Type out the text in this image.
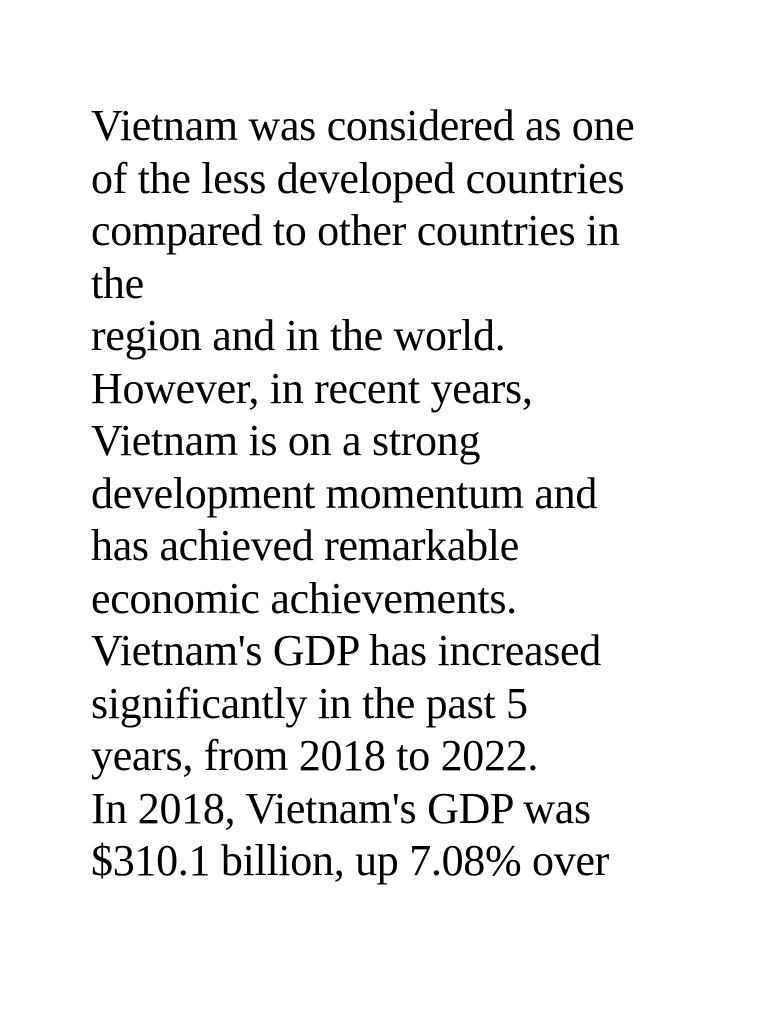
Vietnam was considered as one
of the less developed countries
compared to other countries in
the
region and in the world.
However, in recent years,
Vietnam is on a strong
development momentum and
has achieved remarkable
economic achievements.
Vietnam's GDP has increased
significantly in the past 5
years, from 2018 to 2022.
In 2018, Vietnam's GDP was
$310.1 billion, up 7.08% over
